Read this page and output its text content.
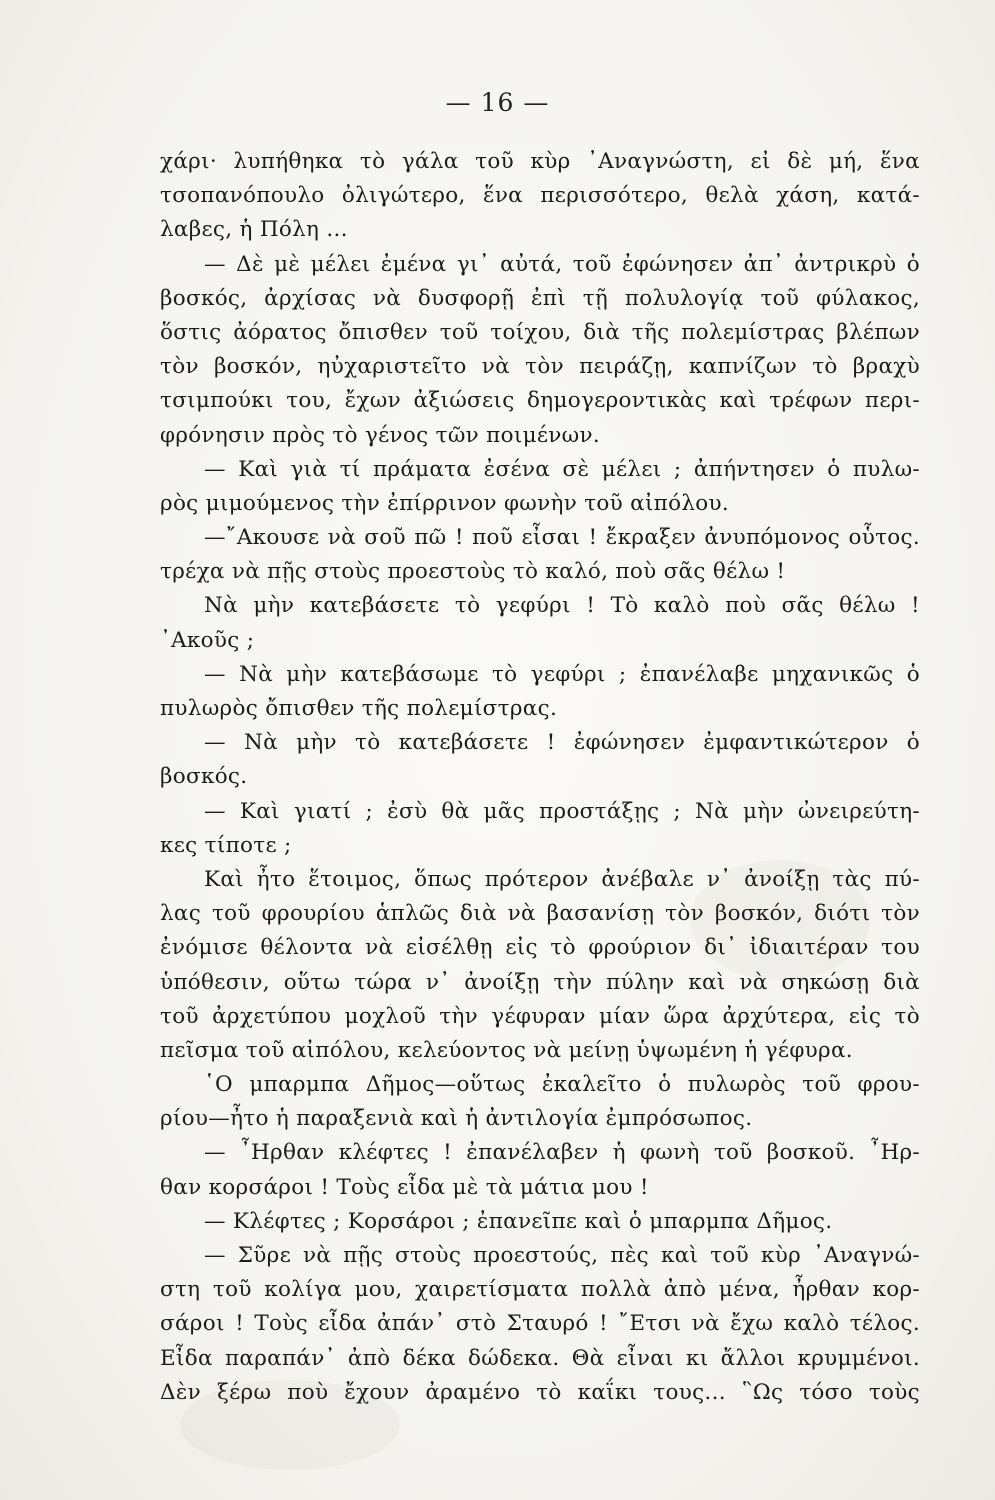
— 16 —
χάρι· λυπήθηκα τὸ γάλα τοῦ κὺρ ᾿Αναγνώστη, εἰ δὲ μή, ἕνα
τσοπανόπουλο ὀλιγώτερο, ἕνα περισσότερο, θελὰ χάση, κατά-
λαβες, ἡ Πόλη ...
— Δὲ μὲ μέλει ἐμένα γι᾿ αὐτά, τοῦ ἐφώνησεν ἀπ᾿ ἀντρικρὺ ὁ
βοσκός, ἀρχίσας νὰ δυσφορῇ ἐπὶ τῇ πολυλογίᾳ τοῦ φύλακος,
ὅστις ἀόρατος ὄπισθεν τοῦ τοίχου, διὰ τῆς πολεμίστρας βλέπων
τὸν βοσκόν, ηὐχαριστεῖτο νὰ τὸν πειράζῃ, καπνίζων τὸ βραχὺ
τσιμπούκι του, ἔχων ἀξιώσεις δημογεροντικὰς καὶ τρέφων περι-
φρόνησιν πρὸς τὸ γένος τῶν ποιμένων.
— Καὶ γιὰ τί πράματα ἐσένα σὲ μέλει ; ἀπήντησεν ὁ πυλω-
ρὸς μιμούμενος τὴν ἐπίρρινον φωνὴν τοῦ αἰπόλου.
—῎Ακουσε νὰ σοῦ πῶ ! ποῦ εἶσαι ! ἔκραξεν ἀνυπόμονος οὗτος.
τρέχα νὰ πῇς στοὺς προεστοὺς τὸ καλό, ποὺ σᾶς θέλω !
Νὰ μὴν κατεβάσετε τὸ γεφύρι ! Τὸ καλὸ ποὺ σᾶς θέλω !
᾿Ακοῦς ;
— Νὰ μὴν κατεβάσωμε τὸ γεφύρι ; ἐπανέλαβε μηχανικῶς ὁ
πυλωρὸς ὄπισθεν τῆς πολεμίστρας.
— Νὰ μὴν τὸ κατεβάσετε ! ἐφώνησεν ἐμφαντικώτερον ὁ
βοσκός.
— Καὶ γιατί ; ἐσὺ θὰ μᾶς προστάξῃς ; Νὰ μὴν ὠνειρεύτη-
κες τίποτε ;
Καὶ ἦτο ἕτοιμος, ὅπως πρότερον ἀνέβαλε ν᾿ ἀνοίξῃ τὰς πύ-
λας τοῦ φρουρίου ἁπλῶς διὰ νὰ βασανίσῃ τὸν βοσκόν, διότι τὸν
ἐνόμισε θέλοντα νὰ εἰσέλθῃ εἰς τὸ φρούριον δι᾿ ἰδιαιτέραν του
ὑπόθεσιν, οὕτω τώρα ν᾿ ἀνοίξῃ τὴν πύλην καὶ νὰ σηκώσῃ διὰ
τοῦ ἀρχετύπου μοχλοῦ τὴν γέφυραν μίαν ὥρα ἀρχύτερα, εἰς τὸ
πεῖσμα τοῦ αἰπόλου, κελεύοντος νὰ μείνῃ ὑψωμένη ἡ γέφυρα.
῾Ο μπαρμπα Δῆμος—οὕτως ἐκαλεῖτο ὁ πυλωρὸς τοῦ φρου-
ρίου—ἦτο ἡ παραξενιὰ καὶ ἡ ἀντιλογία ἐμπρόσωπος.
— ῏Ηρθαν κλέφτες ! ἐπανέλαβεν ἡ φωνὴ τοῦ βοσκοῦ. ῏Ηρ-
θαν κορσάροι ! Τοὺς εἶδα μὲ τὰ μάτια μου !
— Κλέφτες ; Κορσάροι ; ἐπανεῖπε καὶ ὁ μπαρμπα Δῆμος.
— Σῦρε νὰ πῇς στοὺς προεστούς, πὲς καὶ τοῦ κὺρ ᾿Αναγνώ-
στη τοῦ κολίγα μου, χαιρετίσματα πολλὰ ἀπὸ μένα, ἦρθαν κορ-
σάροι ! Τοὺς εἶδα ἀπάν᾿ στὸ Σταυρό ! ῎Ετσι νὰ ἔχω καλὸ τέλος.
Εἶδα παραπάν᾿ ἀπὸ δέκα δώδεκα. Θὰ εἶναι κι ἄλλοι κρυμμένοι.
Δὲν ξέρω ποὺ ἔχουν ἀραμένο τὸ καΐκι τους... ῝Ως τόσο τοὺς
